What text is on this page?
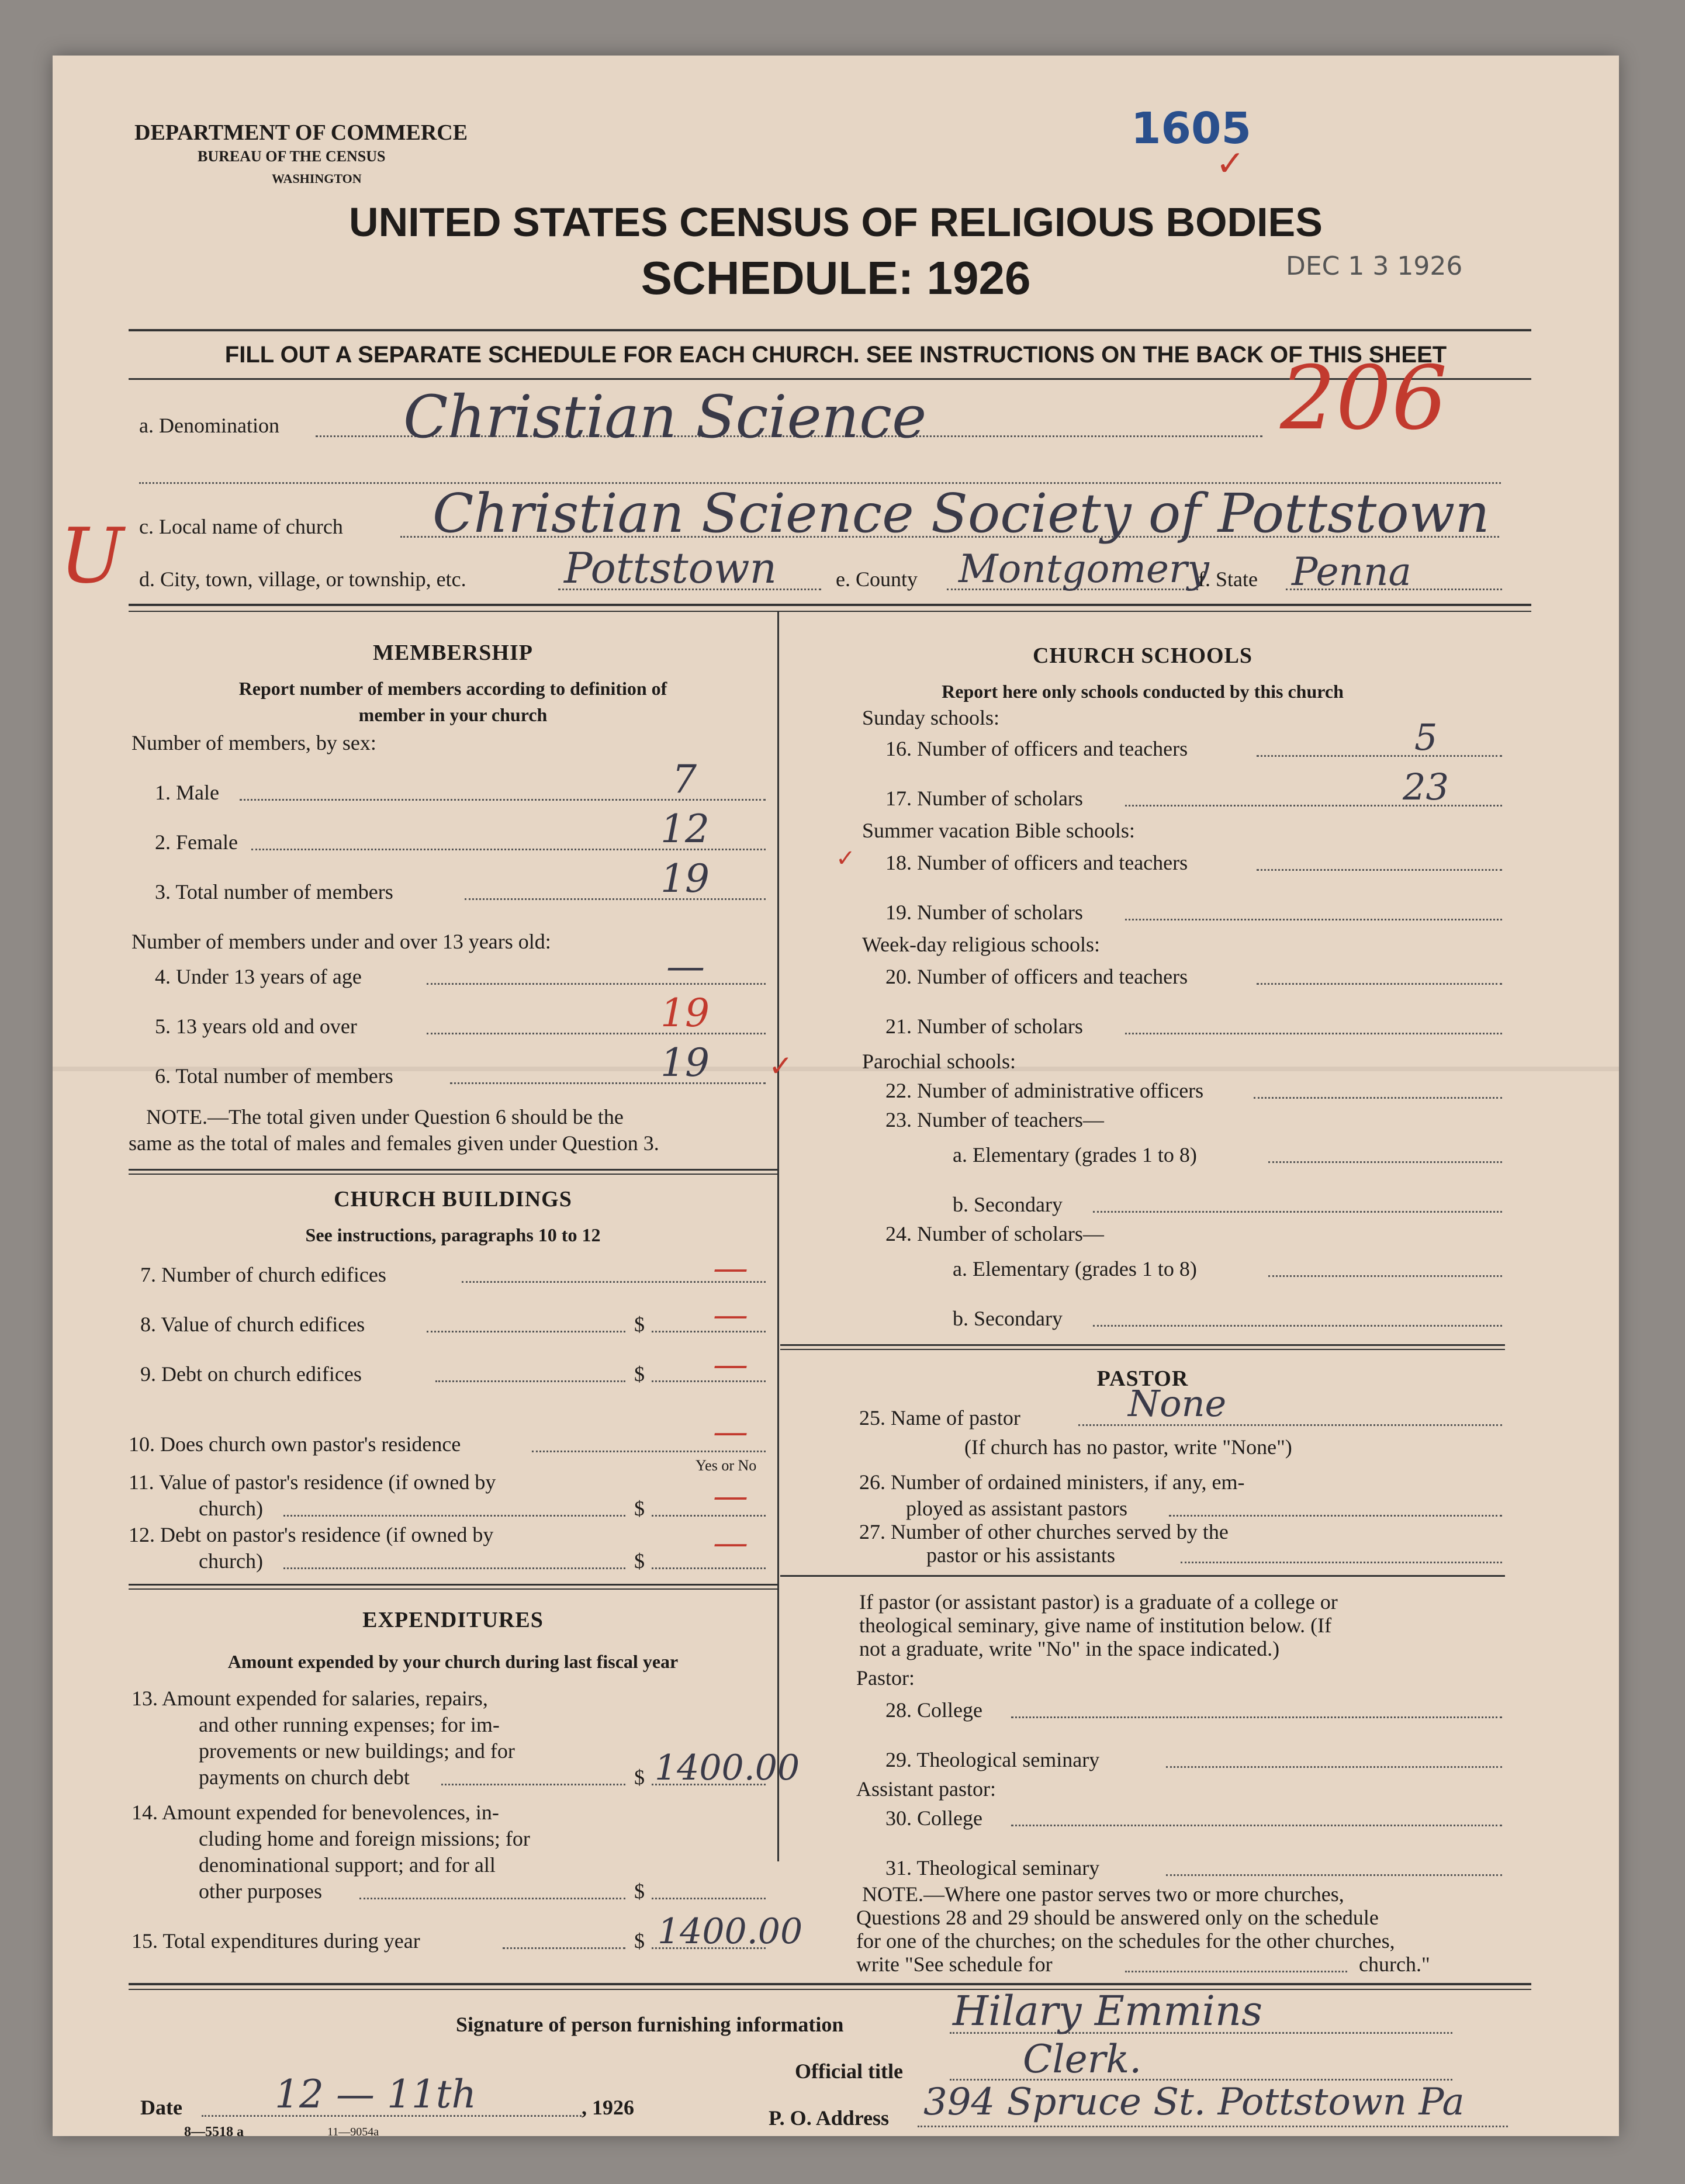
DEPARTMENT OF COMMERCE
BUREAU OF THE CENSUS
WASHINGTON
1605
✓
UNITED STATES CENSUS OF RELIGIOUS BODIES
SCHEDULE: 1926	DEC 1 3 1926
FILL OUT A SEPARATE SCHEDULE FOR EACH CHURCH. SEE INSTRUCTIONS ON THE BACK OF THIS SHEET
206
a. Denomination Christian Science
c. Local name of church Christian Science Society of Pottstown
U d. City, town, village, or township, etc. Pottstown	e. County Montgomery
f. State Penna
MEMBERSHIP
Report number of members according to definition of
member in your church
Number of members, by sex:
1. Male	7
2. Female	12
3. Total number of members	19
Number of members under and over 13 years old:
4. Under 13 years of age	—
5. 13 years old and over	19
6. Total number of members	19 ✓
NOTE.—The total given under Question 6 should be the
same as the total of males and females given under Question 3.
CHURCH BUILDINGS
See instructions, paragraphs 10 to 12
7. Number of church edifices	—
8. Value of church edifices	$ —
9. Debt on church edifices	$ —
10. Does church own pastor's residence	—
Yes or No
11. Value of pastor's residence (if owned by
church)	$ —
12. Debt on pastor's residence (if owned by
church)	$ —
EXPENDITURES
Amount expended by your church during last fiscal year
13. Amount expended for salaries, repairs,
and other running expenses; for im-
provements or new buildings; and for
payments on church debt	$ 1400.00
14. Amount expended for benevolences, in-
cluding home and foreign missions; for
denominational support; and for all
other purposes	$
15. Total expenditures during year	$ 1400.00
CHURCH SCHOOLS
Report here only schools conducted by this church
Sunday schools:
16. Number of officers and teachers	5
17. Number of scholars	23
Summer vacation Bible schools:
✓ 18. Number of officers and teachers
19. Number of scholars
Week-day religious schools:
20. Number of officers and teachers
21. Number of scholars
Parochial schools:
22. Number of administrative officers
23. Number of teachers—
a. Elementary (grades 1 to 8)
b. Secondary
24. Number of scholars—
a. Elementary (grades 1 to 8)
b. Secondary
PASTOR
25. Name of pastor	None
(If church has no pastor, write "None")
26. Number of ordained ministers, if any, em-
ployed as assistant pastors
27. Number of other churches served by the
pastor or his assistants
If pastor (or assistant pastor) is a graduate of a college or
theological seminary, give name of institution below. (If
not a graduate, write "No" in the space indicated.)
Pastor:
28. College
29. Theological seminary
Assistant pastor:
30. College
31. Theological seminary
NOTE.—Where one pastor serves two or more churches,
Questions 28 and 29 should be answered only on the schedule
for one of the churches; on the schedules for the other churches,
write "See schedule for	church."
Signature of person furnishing information	Hilary Emmins
Official title	Clerk.
Date 12 — 11th	, 1926	P. O. Address 394 Spruce St. Pottstown Pa
8—5518 a	11—9054a
